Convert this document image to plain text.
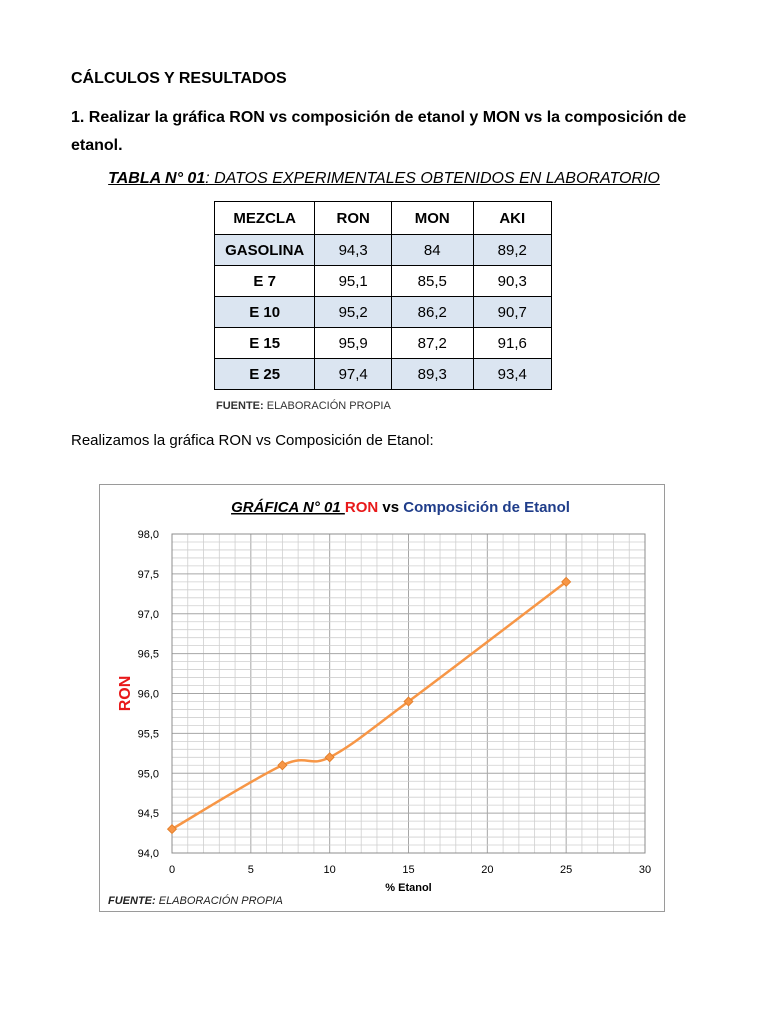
CÁLCULOS Y RESULTADOS
1. Realizar la gráfica RON vs composición de etanol y MON vs la composición de
etanol.
TABLA N° 01: DATOS EXPERIMENTALES OBTENIDOS EN LABORATORIO
MEZCLA	RON	MON	AKI
GASOLINA	94,3	84	89,2
E 7	95,1	85,5	90,3
E 10	95,2	86,2	90,7
E 15	95,9	87,2	91,6
E 25	97,4	89,3	93,4
FUENTE: ELABORACIÓN PROPIA
Realizamos la gráfica RON vs Composición de Etanol:
0	5	10	15	20	25	30
94,0
94,5
95,0
95,5
96,0
96,5
97,0
97,5
98,0
% Etanol
RON
GRÁFICA N° 01 RON vs Composición de Etanol
FUENTE: ELABORACIÓN PROPIA
